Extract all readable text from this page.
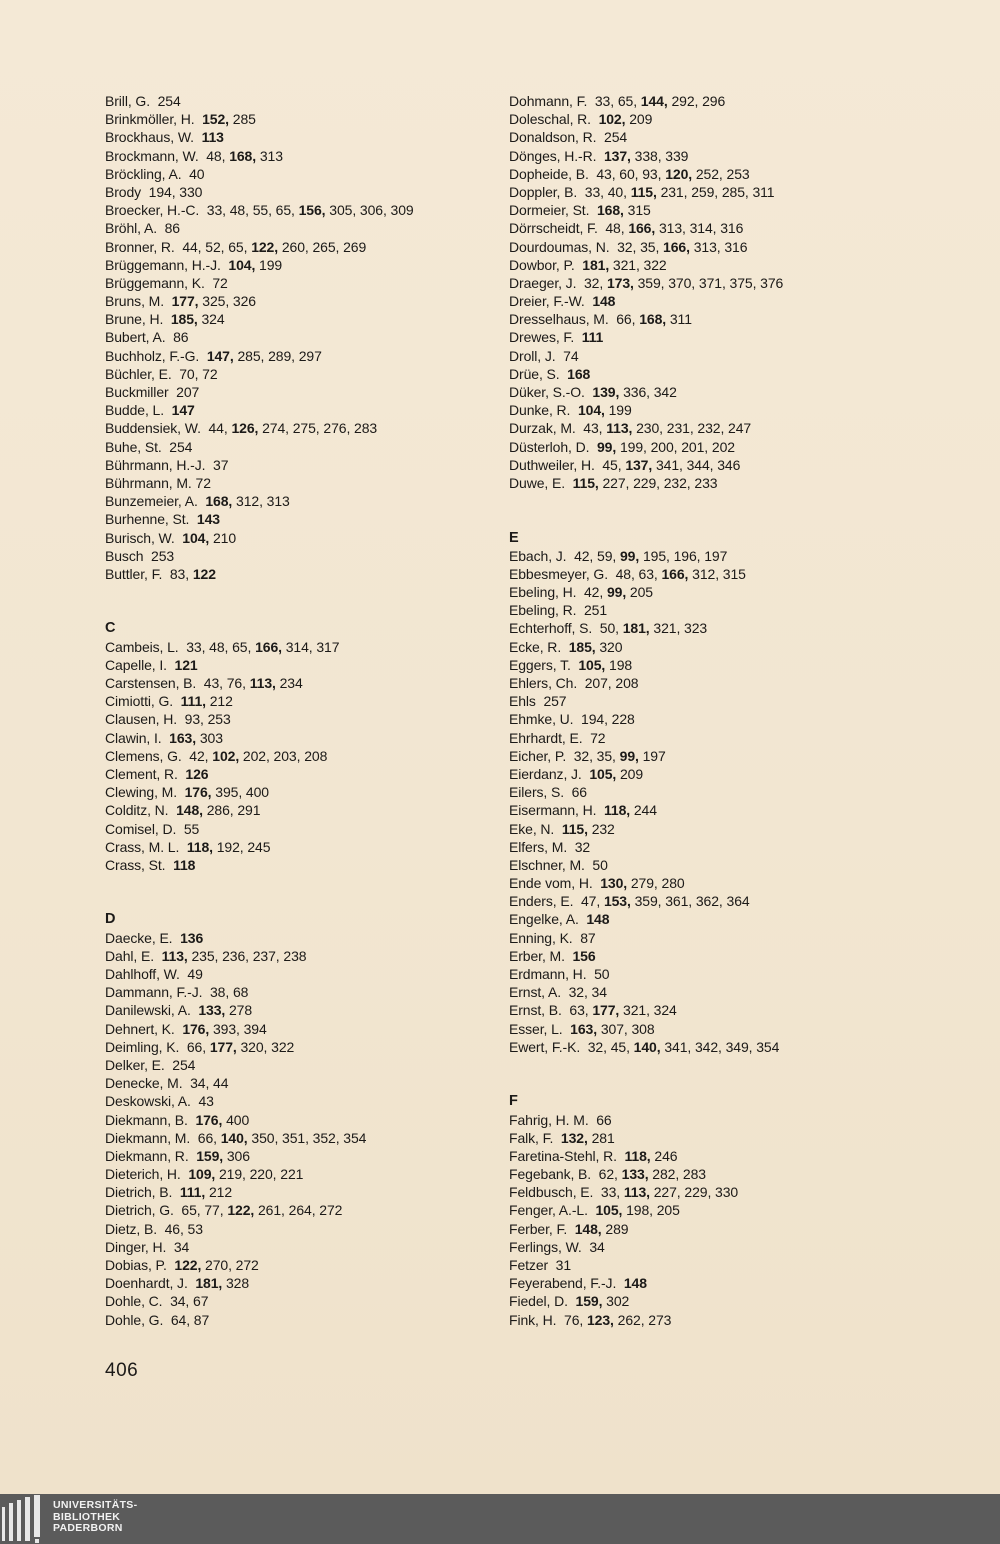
Brill, G. 254
Brinkmöller, H. 152, 285
Brockhaus, W. 113
Brockmann, W. 48, 168, 313
Bröckling, A. 40
Brody 194, 330
Broecker, H.-C. 33, 48, 55, 65, 156, 305, 306, 309
Bröhl, A. 86
Bronner, R. 44, 52, 65, 122, 260, 265, 269
Brüggemann, H.-J. 104, 199
Brüggemann, K. 72
Bruns, M. 177, 325, 326
Brune, H. 185, 324
Bubert, A. 86
Buchholz, F.-G. 147, 285, 289, 297
Büchler, E. 70, 72
Buckmiller 207
Budde, L. 147
Buddensiek, W. 44, 126, 274, 275, 276, 283
Buhe, St. 254
Bührmann, H.-J. 37
Bührmann, M. 72
Bunzemeier, A. 168, 312, 313
Burhenne, St. 143
Burisch, W. 104, 210
Busch 253
Buttler, F. 83, 122
C
Cambeis, L. 33, 48, 65, 166, 314, 317
Capelle, I. 121
Carstensen, B. 43, 76, 113, 234
Cimiotti, G. 111, 212
Clausen, H. 93, 253
Clawin, I. 163, 303
Clemens, G. 42, 102, 202, 203, 208
Clement, R. 126
Clewing, M. 176, 395, 400
Colditz, N. 148, 286, 291
Comisel, D. 55
Crass, M. L. 118, 192, 245
Crass, St. 118
D
Daecke, E. 136
Dahl, E. 113, 235, 236, 237, 238
Dahlhoff, W. 49
Dammann, F.-J. 38, 68
Danilewski, A. 133, 278
Dehnert, K. 176, 393, 394
Deimling, K. 66, 177, 320, 322
Delker, E. 254
Denecke, M. 34, 44
Deskowski, A. 43
Diekmann, B. 176, 400
Diekmann, M. 66, 140, 350, 351, 352, 354
Diekmann, R. 159, 306
Dieterich, H. 109, 219, 220, 221
Dietrich, B. 111, 212
Dietrich, G. 65, 77, 122, 261, 264, 272
Dietz, B. 46, 53
Dinger, H. 34
Dobias, P. 122, 270, 272
Doenhardt, J. 181, 328
Dohle, C. 34, 67
Dohle, G. 64, 87
Dohmann, F. 33, 65, 144, 292, 296
Doleschal, R. 102, 209
Donaldson, R. 254
Dönges, H.-R. 137, 338, 339
Dopheide, B. 43, 60, 93, 120, 252, 253
Doppler, B. 33, 40, 115, 231, 259, 285, 311
Dormeier, St. 168, 315
Dörrscheidt, F. 48, 166, 313, 314, 316
Dourdoumas, N. 32, 35, 166, 313, 316
Dowbor, P. 181, 321, 322
Draeger, J. 32, 173, 359, 370, 371, 375, 376
Dreier, F.-W. 148
Dresselhaus, M. 66, 168, 311
Drewes, F. 111
Droll, J. 74
Drüe, S. 168
Düker, S.-O. 139, 336, 342
Dunke, R. 104, 199
Durzak, M. 43, 113, 230, 231, 232, 247
Düsterloh, D. 99, 199, 200, 201, 202
Duthweiler, H. 45, 137, 341, 344, 346
Duwe, E. 115, 227, 229, 232, 233
E
Ebach, J. 42, 59, 99, 195, 196, 197
Ebbesmeyer, G. 48, 63, 166, 312, 315
Ebeling, H. 42, 99, 205
Ebeling, R. 251
Echterhoff, S. 50, 181, 321, 323
Ecke, R. 185, 320
Eggers, T. 105, 198
Ehlers, Ch. 207, 208
Ehls 257
Ehmke, U. 194, 228
Ehrhardt, E. 72
Eicher, P. 32, 35, 99, 197
Eierdanz, J. 105, 209
Eilers, S. 66
Eisermann, H. 118, 244
Eke, N. 115, 232
Elfers, M. 32
Elschner, M. 50
Ende vom, H. 130, 279, 280
Enders, E. 47, 153, 359, 361, 362, 364
Engelke, A. 148
Enning, K. 87
Erber, M. 156
Erdmann, H. 50
Ernst, A. 32, 34
Ernst, B. 63, 177, 321, 324
Esser, L. 163, 307, 308
Ewert, F.-K. 32, 45, 140, 341, 342, 349, 354
F
Fahrig, H. M. 66
Falk, F. 132, 281
Faretina-Stehl, R. 118, 246
Fegebank, B. 62, 133, 282, 283
Feldbusch, E. 33, 113, 227, 229, 330
Fenger, A.-L. 105, 198, 205
Ferber, F. 148, 289
Ferlings, W. 34
Fetzer 31
Feyerabend, F.-J. 148
Fiedel, D. 159, 302
Fink, H. 76, 123, 262, 273
406
UNIVERSITÄTS-
BIBLIOTHEK
PADERBORN
